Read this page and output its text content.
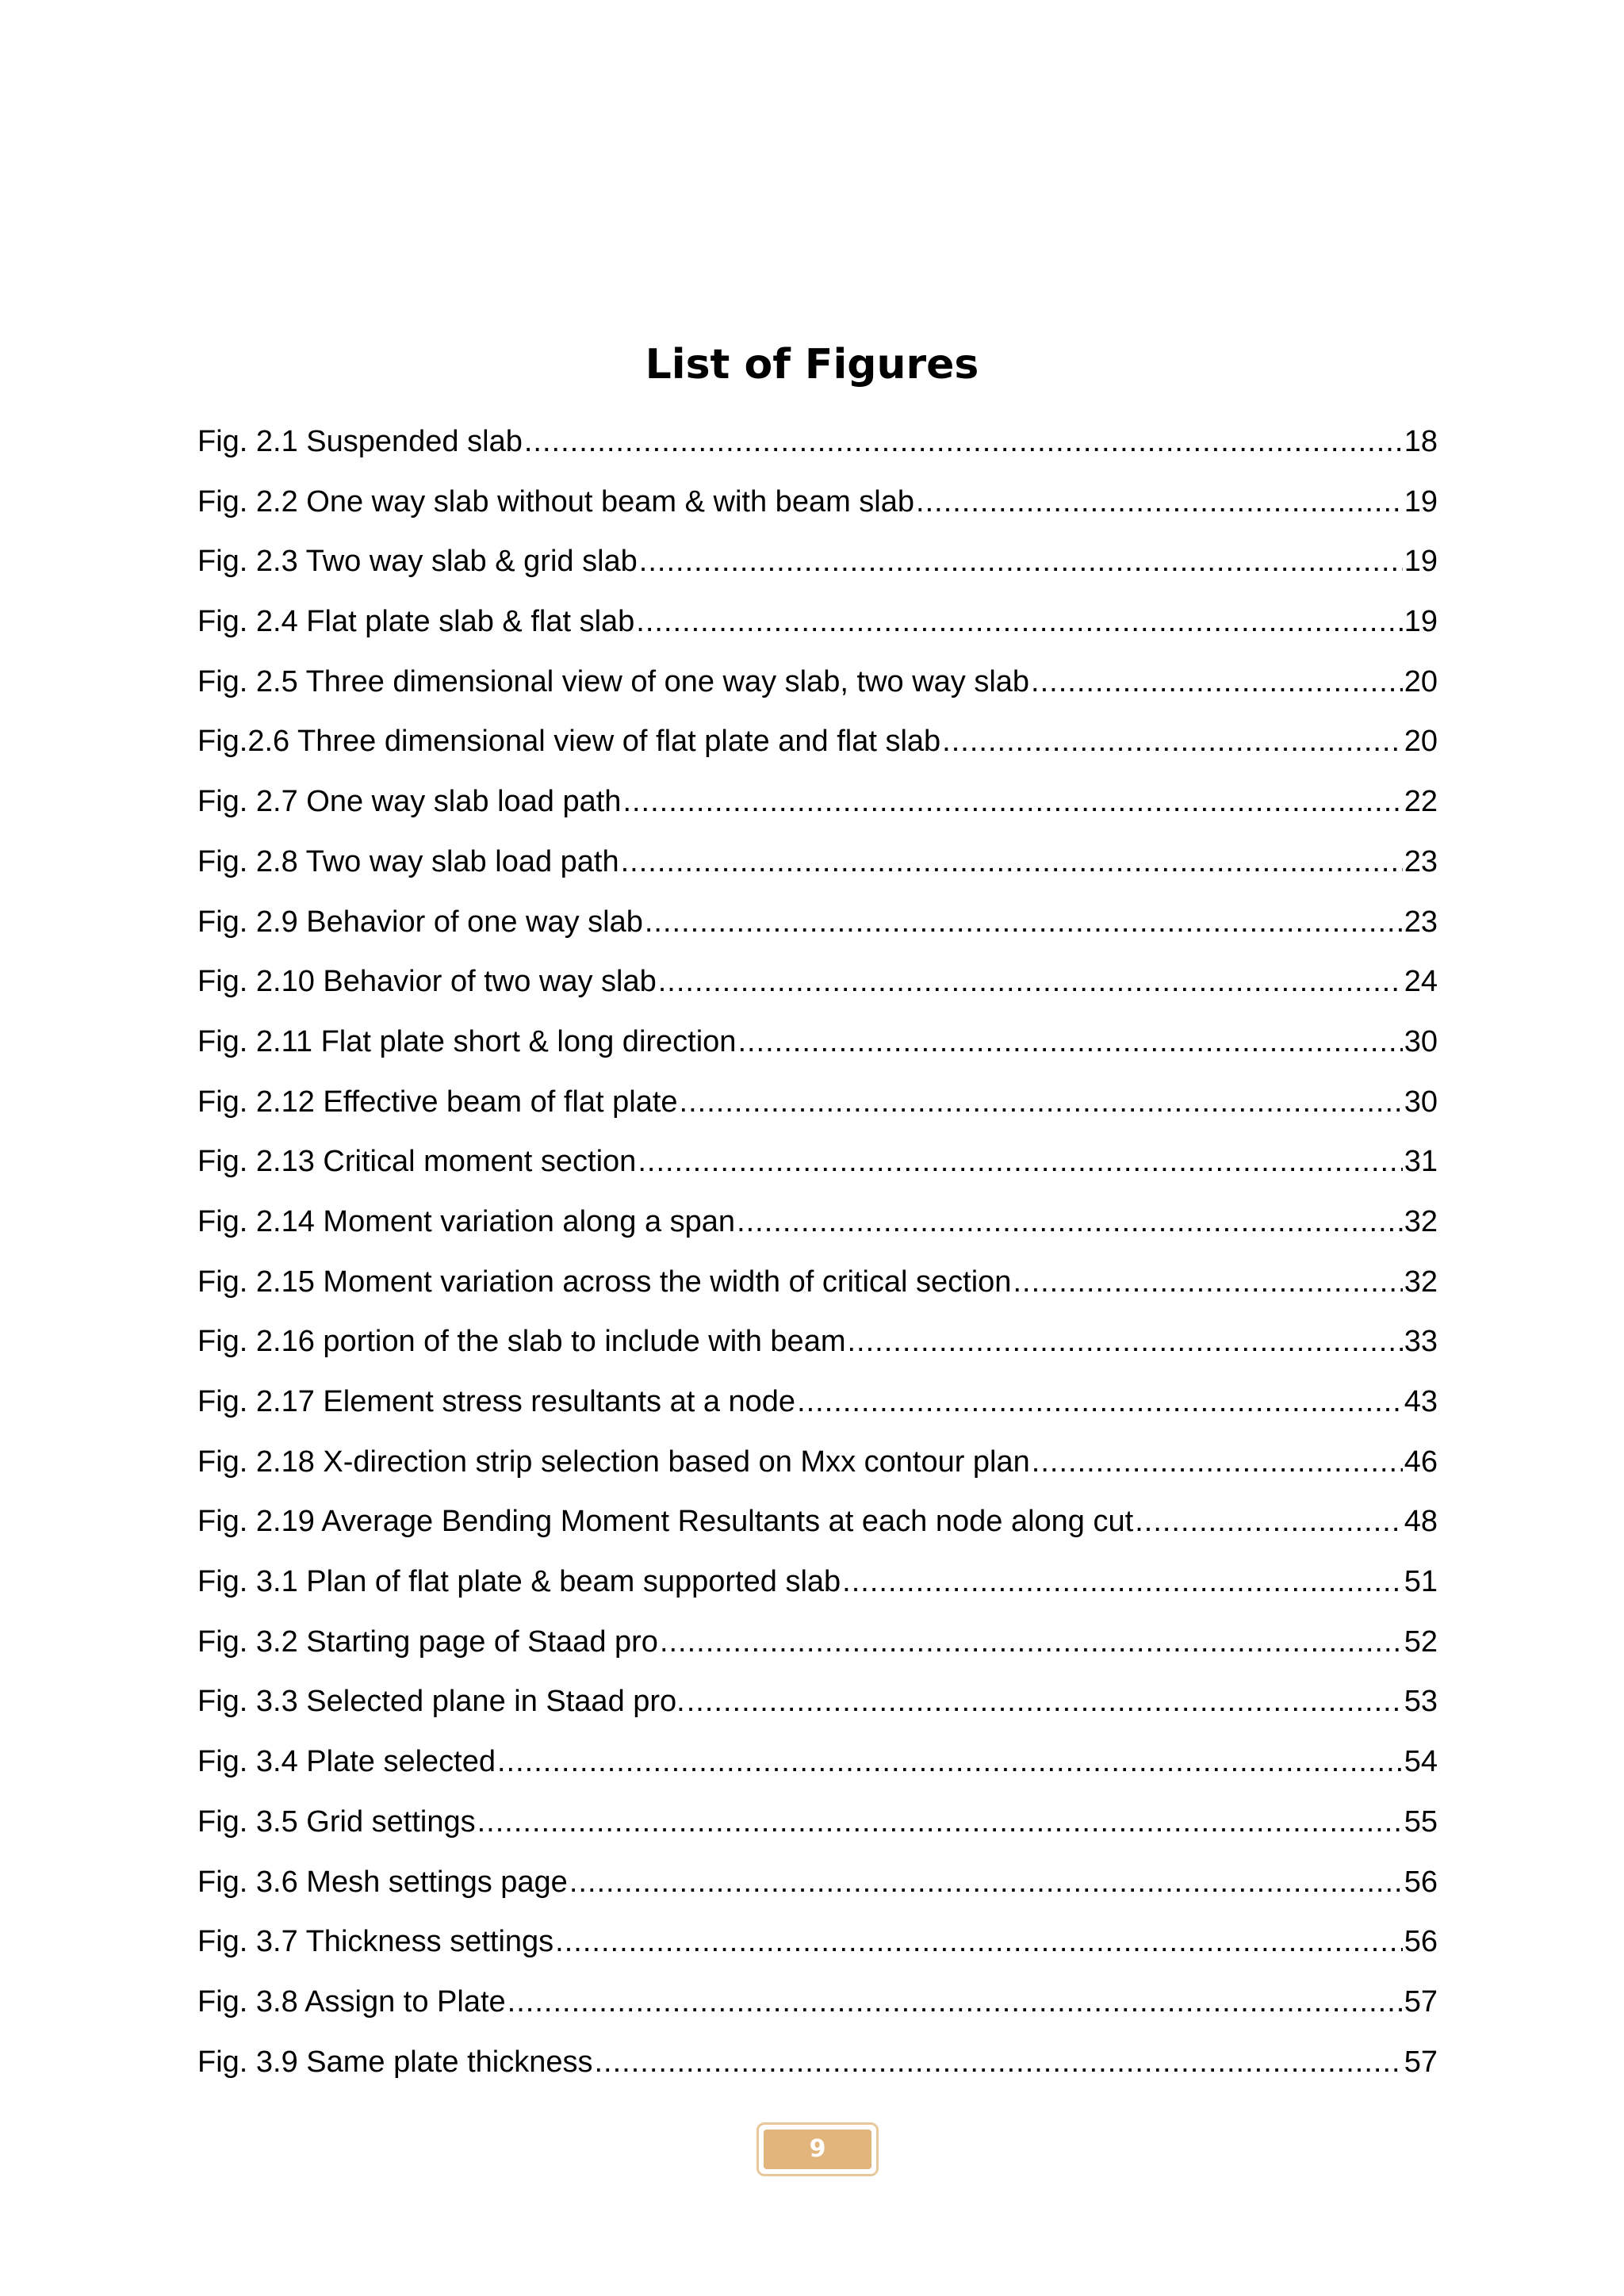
List of Figures
Fig. 2.1 Suspended slab .....	18
Fig. 2.2 One way slab without beam & with beam slab .....	19
Fig. 2.3 Two way slab & grid slab .....	19
Fig. 2.4 Flat plate slab & flat slab .....	19
Fig. 2.5 Three dimensional view of one way slab, two way slab .....	20
Fig.2.6 Three dimensional view of flat plate and flat slab .....	20
Fig. 2.7 One way slab load path .....	22
Fig. 2.8 Two way slab load path .....	23
Fig. 2.9 Behavior of one way slab .....	23
Fig. 2.10 Behavior of two way slab .....	24
Fig. 2.11 Flat plate short & long direction .....	30
Fig. 2.12 Effective beam of flat plate .....	30
Fig. 2.13 Critical moment section .....	31
Fig. 2.14 Moment variation along a span .....	32
Fig. 2.15 Moment variation across the width of critical section .....	32
Fig. 2.16 portion of the slab to include with beam .....	33
Fig. 2.17 Element stress resultants at a node .....	43
Fig. 2.18 X-direction strip selection based on Mxx contour plan .....	46
Fig. 2.19 Average Bending Moment Resultants at each node along cut .....	48
Fig. 3.1 Plan of flat plate & beam supported slab .....	51
Fig. 3.2 Starting page of Staad pro .....	52
Fig. 3.3 Selected plane in Staad pro. .....	53
Fig. 3.4 Plate selected .....	54
Fig. 3.5 Grid settings .....	55
Fig. 3.6 Mesh settings page .....	56
Fig. 3.7 Thickness settings .....	56
Fig. 3.8 Assign to Plate .....	57
Fig. 3.9 Same plate thickness .....	57
9
